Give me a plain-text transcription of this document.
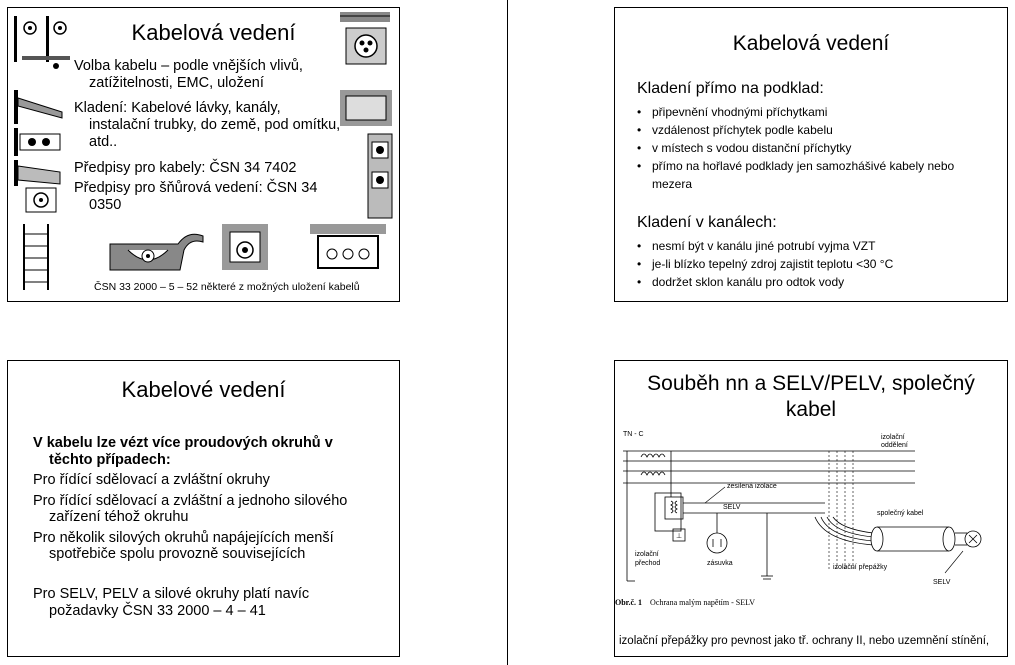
Kabelová vedení

Volba kabelu – podle vnějších vlivů, zatížitelnosti, EMC, uložení

Kladení: Kabelové lávky, kanály, instalační trubky, do země, pod omítku, atd..

Předpisy pro kabely: ČSN 34 7402

Předpisy pro šňůrová vedení: ČSN 34 0350

ČSN 33 2000 – 5 – 52 některé z možných uložení kabelů
Kabelová vedení
Kladení přímo na podklad:
• připevnění vhodnými příchytkami
• vzdálenost příchytek podle kabelu
• v místech s vodou distanční příchytky
• přímo na hořlavé podklady jen samozhášivé kabely nebo mezera
Kladení v kanálech:
• nesmí být v kanálu jiné potrubí vyjma VZT
• je-li blízko tepelný zdroj zajistit teplotu <30 °C
• dodržet sklon kanálu pro odtok vody
Kabelové vedení

V kabelu lze vézt více proudových okruhů v těchto případech:

Pro řídící sdělovací a zvláštní okruhy

Pro řídící sdělovací a zvláštní a jednoho silového zařízení téhož okruhu

Pro několik silových okruhů napájejících menší spotřebiče spolu provozně souvisejících

Pro SELV, PELV a silové okruhy platí navíc požadavky ČSN 33 2000 – 4 – 41

Souběh nn a SELV/PELV, společný kabel
TN - C
⊥
zesílená izolace
SELV
zásuvka
izolační
přechod
izolační
oddělení
společný kabel
izolační přepážky
SELV
Obr.č. 1 Ochrana malým napětím - SELV
izolační přepážky pro pevnost jako tř. ochrany II, nebo uzemnění stínění,
